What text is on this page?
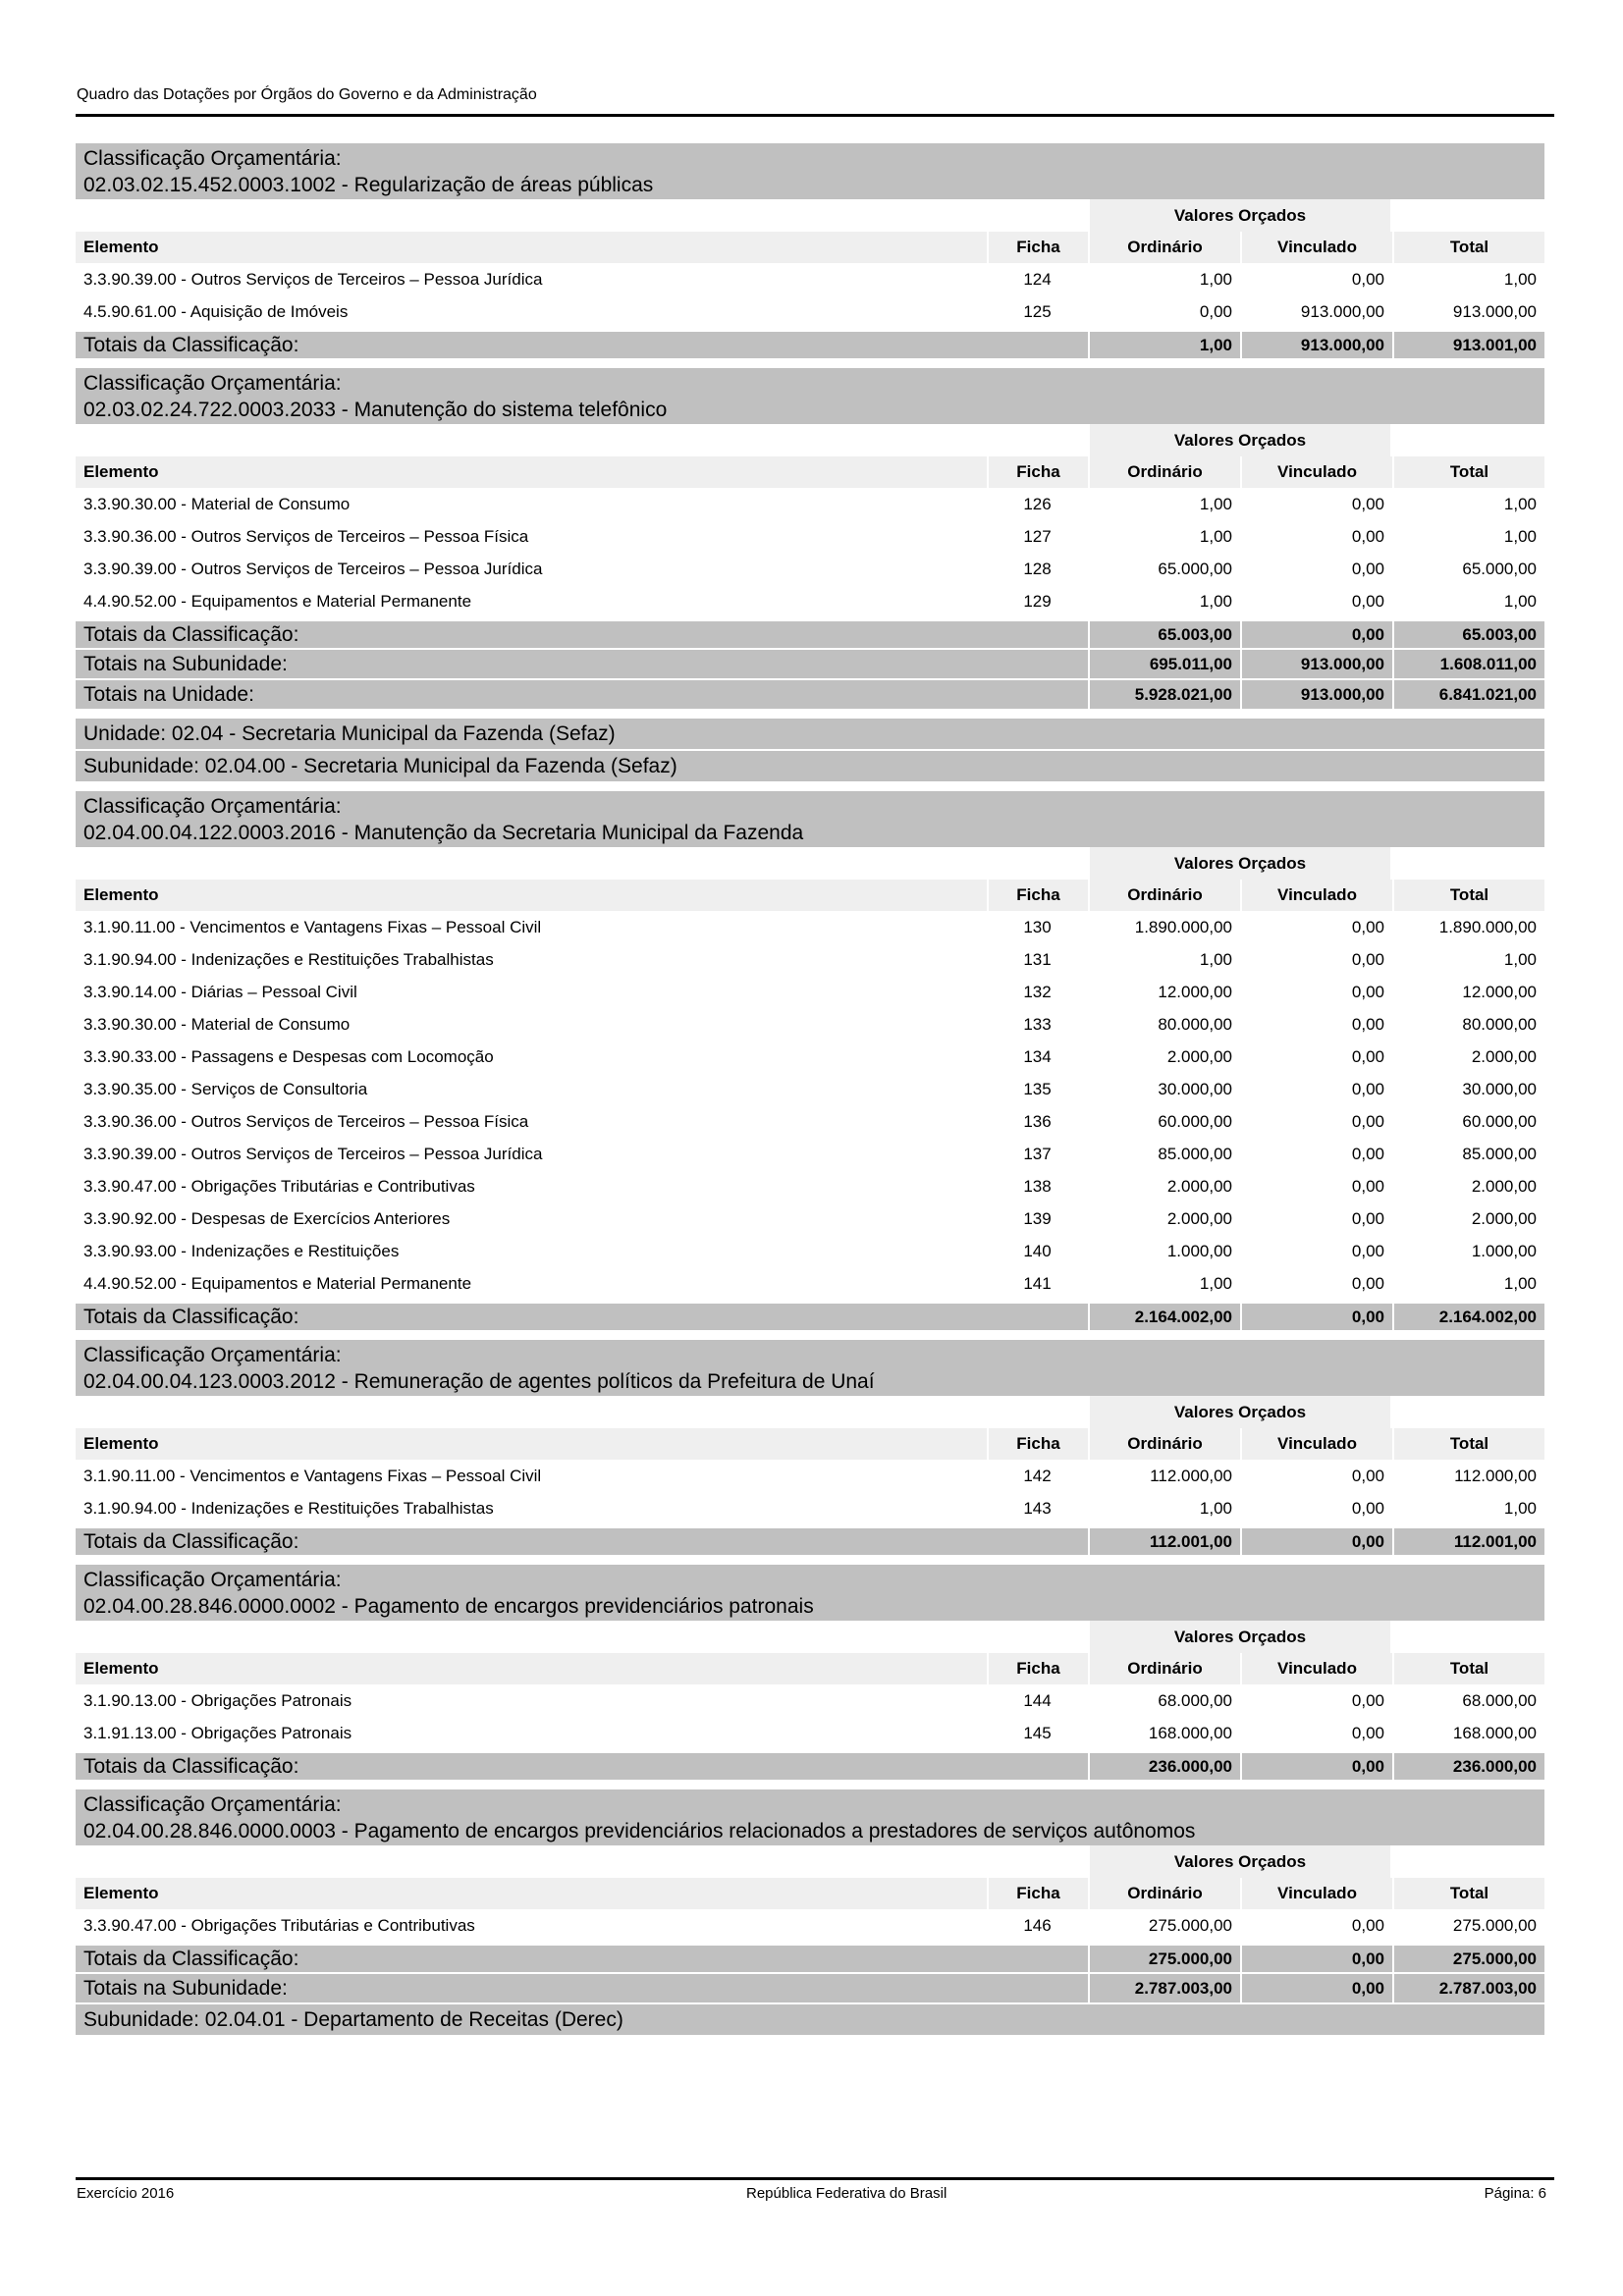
Quadro das Dotações por Órgãos do Governo e da Administração
Classificação Orçamentária:
02.03.02.15.452.0003.1002 - Regularização de áreas públicas
		Valores Orçados		
Elemento	Ficha	Ordinário	Vinculado	Total
3.3.90.39.00 - Outros Serviços de Terceiros – Pessoa Jurídica	124	1,00	0,00	1,00
4.5.90.61.00 - Aquisição de Imóveis	125	0,00	913.000,00	913.000,00
Totais da Classificação:		1,00	913.000,00	913.001,00
Classificação Orçamentária:
02.03.02.24.722.0003.2033 - Manutenção do sistema telefônico
		Valores Orçados		
Elemento	Ficha	Ordinário	Vinculado	Total
3.3.90.30.00 - Material de Consumo	126	1,00	0,00	1,00
3.3.90.36.00 - Outros Serviços de Terceiros – Pessoa Física	127	1,00	0,00	1,00
3.3.90.39.00 - Outros Serviços de Terceiros – Pessoa Jurídica	128	65.000,00	0,00	65.000,00
4.4.90.52.00 - Equipamentos e Material Permanente	129	1,00	0,00	1,00
Totais da Classificação:		65.003,00	0,00	65.003,00
Totais na Subunidade:		695.011,00	913.000,00	1.608.011,00
Totais na Unidade:		5.928.021,00	913.000,00	6.841.021,00
Unidade: 02.04 - Secretaria Municipal da Fazenda (Sefaz)
Subunidade: 02.04.00 - Secretaria Municipal da Fazenda (Sefaz)
Classificação Orçamentária:
02.04.00.04.122.0003.2016 - Manutenção da Secretaria Municipal da Fazenda
		Valores Orçados		
Elemento	Ficha	Ordinário	Vinculado	Total
3.1.90.11.00 - Vencimentos e Vantagens Fixas – Pessoal Civil	130	1.890.000,00	0,00	1.890.000,00
3.1.90.94.00 - Indenizações e Restituições Trabalhistas	131	1,00	0,00	1,00
3.3.90.14.00 - Diárias – Pessoal Civil	132	12.000,00	0,00	12.000,00
3.3.90.30.00 - Material de Consumo	133	80.000,00	0,00	80.000,00
3.3.90.33.00 - Passagens e Despesas com Locomoção	134	2.000,00	0,00	2.000,00
3.3.90.35.00 - Serviços de Consultoria	135	30.000,00	0,00	30.000,00
3.3.90.36.00 - Outros Serviços de Terceiros – Pessoa Física	136	60.000,00	0,00	60.000,00
3.3.90.39.00 - Outros Serviços de Terceiros – Pessoa Jurídica	137	85.000,00	0,00	85.000,00
3.3.90.47.00 - Obrigações Tributárias e Contributivas	138	2.000,00	0,00	2.000,00
3.3.90.92.00 - Despesas de Exercícios Anteriores	139	2.000,00	0,00	2.000,00
3.3.90.93.00 - Indenizações e Restituições	140	1.000,00	0,00	1.000,00
4.4.90.52.00 - Equipamentos e Material Permanente	141	1,00	0,00	1,00
Totais da Classificação:		2.164.002,00	0,00	2.164.002,00
Classificação Orçamentária:
02.04.00.04.123.0003.2012 - Remuneração de agentes políticos da Prefeitura de Unaí
		Valores Orçados		
Elemento	Ficha	Ordinário	Vinculado	Total
3.1.90.11.00 - Vencimentos e Vantagens Fixas – Pessoal Civil	142	112.000,00	0,00	112.000,00
3.1.90.94.00 - Indenizações e Restituições Trabalhistas	143	1,00	0,00	1,00
Totais da Classificação:		112.001,00	0,00	112.001,00
Classificação Orçamentária:
02.04.00.28.846.0000.0002 - Pagamento de encargos previdenciários patronais
		Valores Orçados		
Elemento	Ficha	Ordinário	Vinculado	Total
3.1.90.13.00 - Obrigações Patronais	144	68.000,00	0,00	68.000,00
3.1.91.13.00 - Obrigações Patronais	145	168.000,00	0,00	168.000,00
Totais da Classificação:		236.000,00	0,00	236.000,00
Classificação Orçamentária:
02.04.00.28.846.0000.0003 - Pagamento de encargos previdenciários relacionados a prestadores de serviços autônomos
		Valores Orçados		
Elemento	Ficha	Ordinário	Vinculado	Total
3.3.90.47.00 - Obrigações Tributárias e Contributivas	146	275.000,00	0,00	275.000,00
Totais da Classificação:		275.000,00	0,00	275.000,00
Totais na Subunidade:		2.787.003,00	0,00	2.787.003,00
Subunidade: 02.04.01 - Departamento de Receitas (Derec)
Exercício 2016	República Federativa do Brasil	Página: 6
